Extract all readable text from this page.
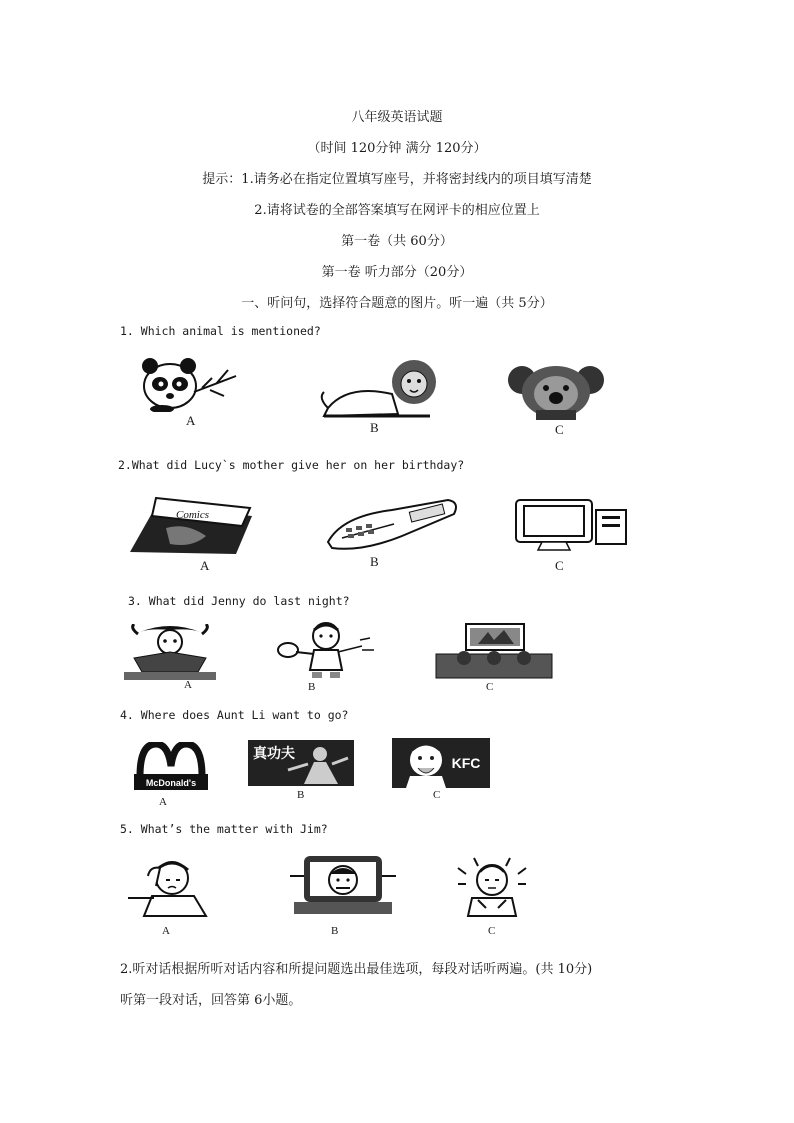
八年级英语试题
（时间 120分钟 满分 120分）
提示：1.请务必在指定位置填写座号，并将密封线内的项目填写清楚
2.请将试卷的全部答案填写在网评卡的相应位置上
第一卷（共 60分）
第一卷 听力部分（20分）
一、听问句，选择符合题意的图片。听一遍（共 5分）
1. Which animal is mentioned?
A	B	C
2.What did Lucy`s mother give her on her birthday?
Comics
A	B	C
3. What did Jenny do last night?
A	B	C
4. Where does Aunt Li want to go?
McDonald's
A
真功夫
B
KFC
C
5. What’s the matter with Jim?
A	B	C
2.听对话根据所听对话内容和所提问题选出最佳选项，每段对话听两遍。(共 10分)
听第一段对话，回答第 6小题。
